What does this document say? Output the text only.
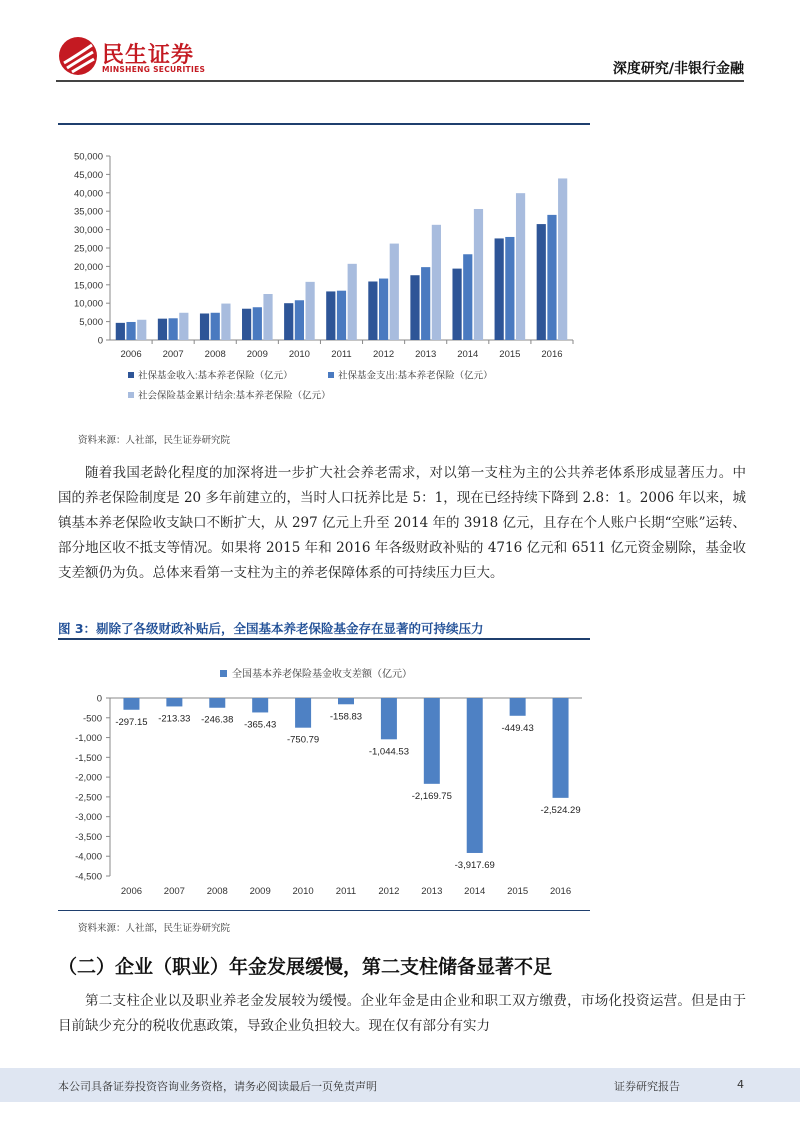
民生证券
MINSHENG SECURITIES	深度研究/非银行金融
0
5,000
10,000
15,000
20,000
25,000
30,000
35,000
40,000
45,000
50,000
2006 2007 2008 2009 2010 2011 2012 2013 2014 2015 2016
社保基金收入:基本养老保险（亿元）	社保基金支出:基本养老保险（亿元）
社会保险基金累计结余:基本养老保险（亿元）
资料来源：人社部，民生证券研究院

随着我国老龄化程度的加深将进一步扩大社会养老需求，对以第一支柱为主的公共养老体系形成显著压力。中国的养老保险制度是 20 多年前建立的，当时人口抚养比是 5：1，现在已经持续下降到 2.8：1。2006 年以来，城镇基本养老保险收支缺口不断扩大，从 297 亿元上升至 2014 年的 3918 亿元，且存在个人账户长期“空账”运转、部分地区收不抵支等情况。如果将 2015 年和 2016 年各级财政补贴的 4716 亿元和 6511 亿元资金剔除，基金收支差额仍为负。总体来看第一支柱为主的养老保障体系的可持续压力巨大。

图 3：剔除了各级财政补贴后，全国基本养老保险基金存在显著的可持续压力
全国基本养老保险基金收支差额（亿元）
0
-500
-1,000
-1,500
-2,000
-2,500
-3,000
-3,500
-4,000
-4,500
-297.15
2006
-213.33
2007
-246.38
2008
-365.43
2009
-750.79
2010
-158.83
2011
-1,044.53
2012
-2,169.75
2013
-3,917.69
2014
-449.43
2015
-2,524.29
2016
资料来源：人社部，民生证券研究院
（二）企业（职业）年金发展缓慢，第二支柱储备显著不足

第二支柱企业以及职业养老金发展较为缓慢。企业年金是由企业和职工双方缴费，市场化投资运营。但是由于目前缺少充分的税收优惠政策，导致企业负担较大。现在仅有部分有实力

本公司具备证券投资咨询业务资格，请务必阅读最后一页免责声明	证券研究报告	4
